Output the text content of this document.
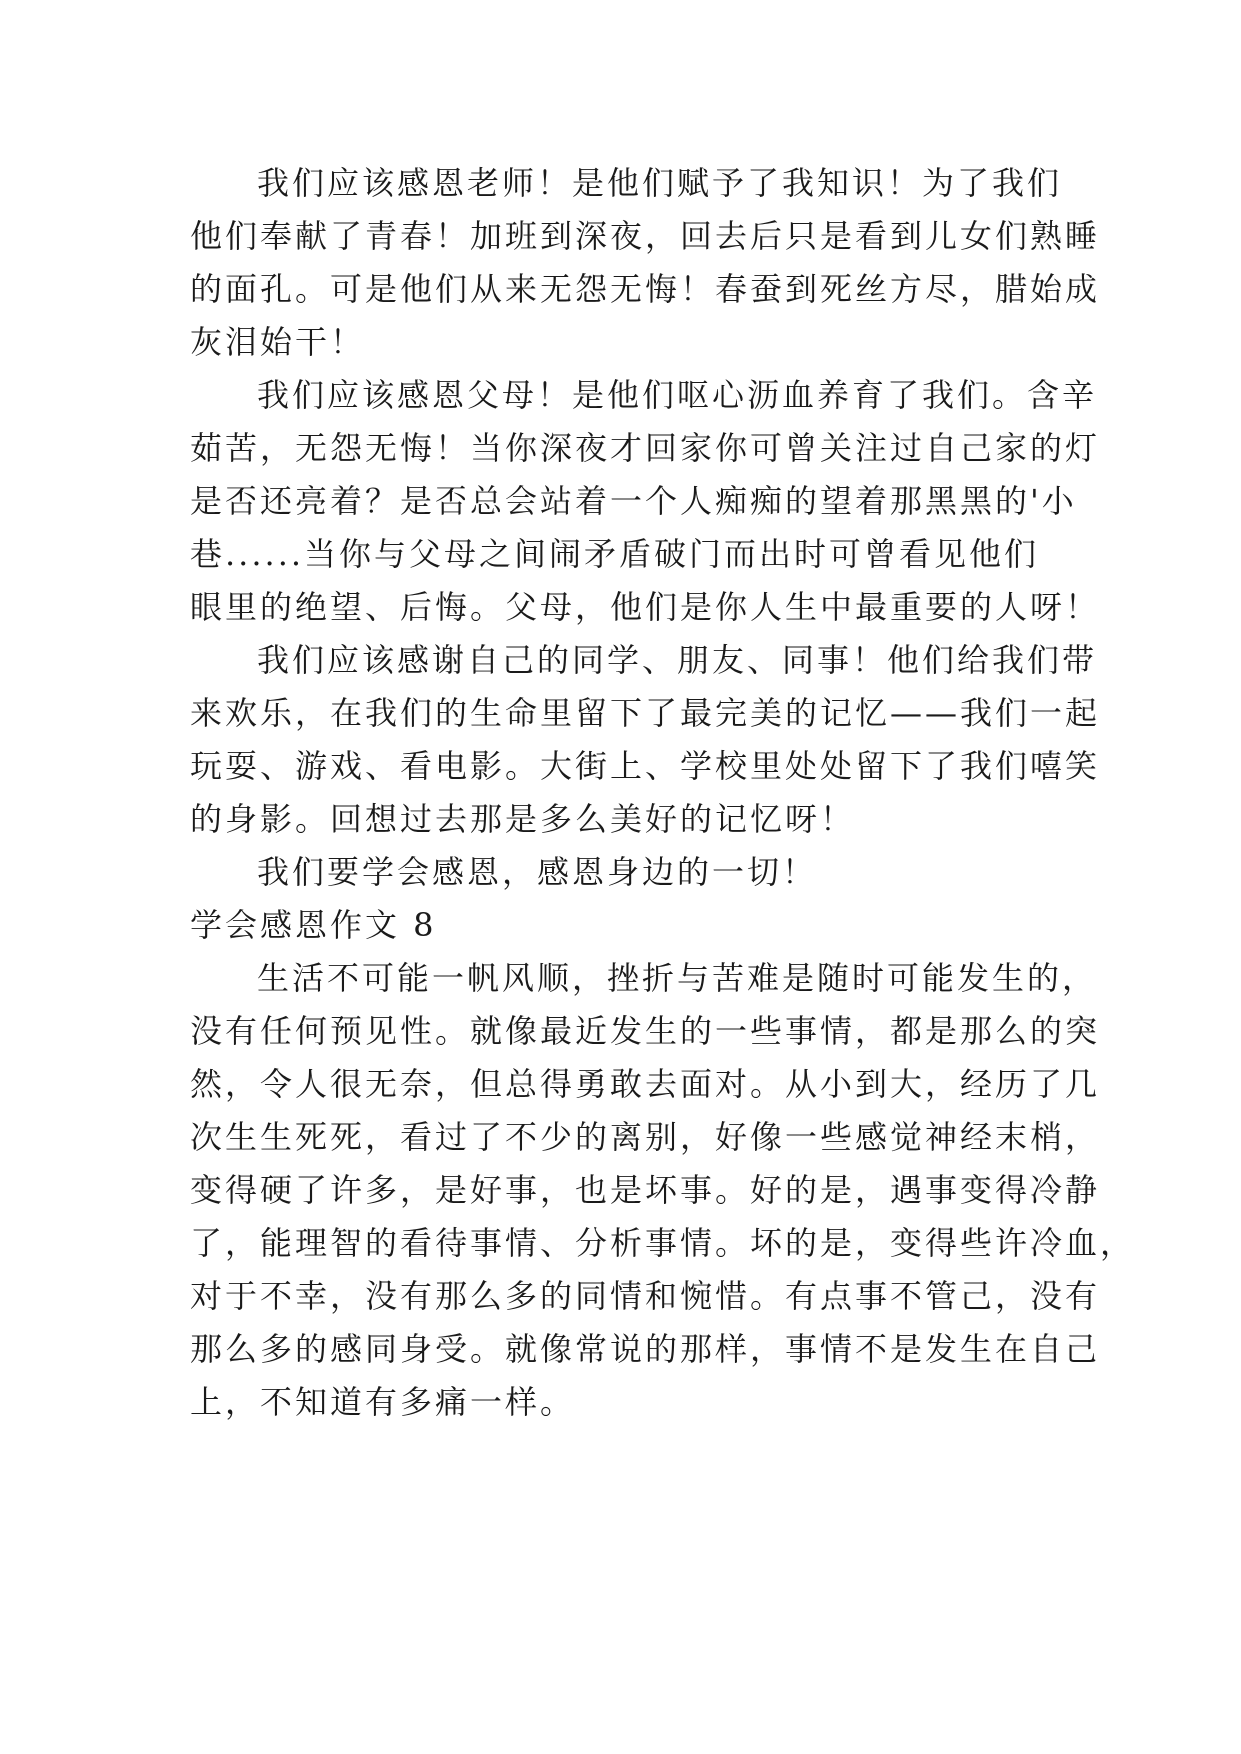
我们应该感恩老师！是他们赋予了我知识！为了我们
他们奉献了青春！加班到深夜，回去后只是看到儿女们熟睡
的面孔。可是他们从来无怨无悔！春蚕到死丝方尽，腊始成
灰泪始干！
我们应该感恩父母！是他们呕心沥血养育了我们。含辛
茹苦，无怨无悔！当你深夜才回家你可曾关注过自己家的灯
是否还亮着？是否总会站着一个人痴痴的望着那黑黑的'小
巷......当你与父母之间闹矛盾破门而出时可曾看见他们
眼里的绝望、后悔。父母，他们是你人生中最重要的人呀！
我们应该感谢自己的同学、朋友、同事！他们给我们带
来欢乐，在我们的生命里留下了最完美的记忆——我们一起
玩耍、游戏、看电影。大街上、学校里处处留下了我们嘻笑
的身影。回想过去那是多么美好的记忆呀！
我们要学会感恩，感恩身边的一切！
学会感恩作文 8
生活不可能一帆风顺，挫折与苦难是随时可能发生的，
没有任何预见性。就像最近发生的一些事情，都是那么的突
然，令人很无奈，但总得勇敢去面对。从小到大，经历了几
次生生死死，看过了不少的离别，好像一些感觉神经末梢，
变得硬了许多，是好事，也是坏事。好的是，遇事变得冷静
了，能理智的看待事情、分析事情。坏的是，变得些许冷血，
对于不幸，没有那么多的同情和惋惜。有点事不管己，没有
那么多的感同身受。就像常说的那样，事情不是发生在自己
上，不知道有多痛一样。
